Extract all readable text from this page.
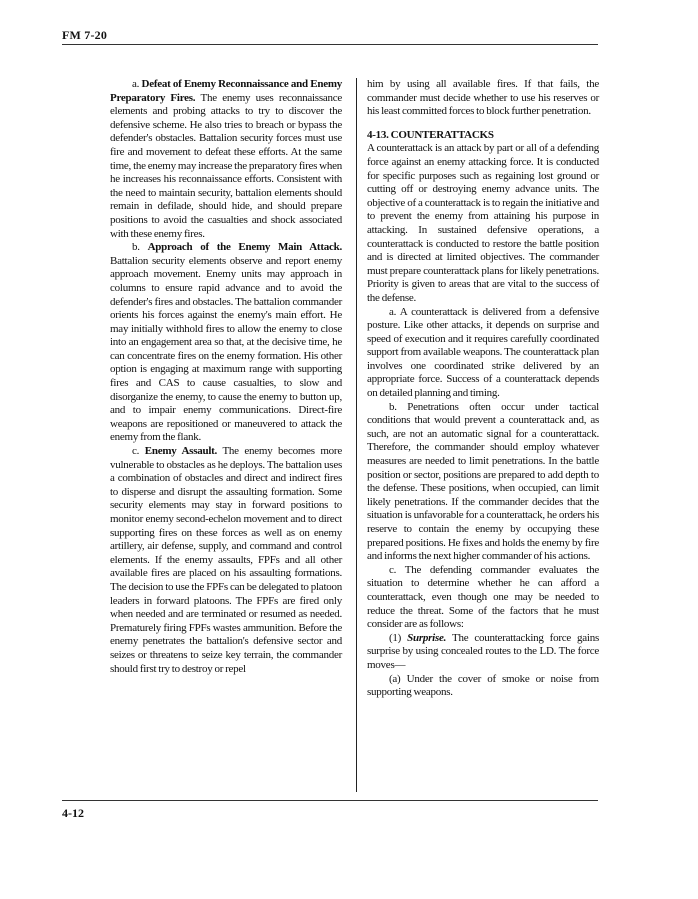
FM 7-20

a. Defeat of Enemy Reconnaissance and Enemy Preparatory Fires. The enemy uses reconnaissance elements and probing attacks to try to discover the defensive scheme. He also tries to breach or bypass the defender's obstacles. Battalion security forces must use fire and movement to defeat these efforts. At the same time, the enemy may increase the preparatory fires when he increases his reconnaissance efforts. Consistent with the need to maintain security, battalion elements should remain in defilade, should hide, and should prepare positions to avoid the casualties and shock associated with these enemy fires.

b. Approach of the Enemy Main Attack. Battalion security elements observe and report enemy approach movement. Enemy units may approach in columns to ensure rapid advance and to avoid the defender's fires and obstacles. The battalion commander orients his forces against the enemy's main effort. He may initially withhold fires to allow the enemy to close into an engagement area so that, at the decisive time, he can concentrate fires on the enemy formation. His other option is engaging at maximum range with supporting fires and CAS to cause casualties, to slow and disorganize the enemy, to cause the enemy to button up, and to impair enemy communications. Direct-fire weapons are repositioned or maneuvered to attack the enemy from the flank.

c. Enemy Assault. The enemy becomes more vulnerable to obstacles as he deploys. The battalion uses a combination of obstacles and direct and indirect fires to disperse and disrupt the assaulting formation. Some security elements may stay in forward positions to monitor enemy second-echelon movement and to direct supporting fires on these forces as well as on enemy artillery, air defense, supply, and command and control elements. If the enemy assaults, FPFs and all other available fires are placed on his assaulting formations. The decision to use the FPFs can be delegated to platoon leaders in forward platoons. The FPFs are fired only when needed and are terminated or resumed as needed. Prematurely firing FPFs wastes ammunition. Before the enemy penetrates the battalion's defensive sector and seizes or threatens to seize key terrain, the commander should first try to destroy or repel

him by using all available fires. If that fails, the commander must decide whether to use his reserves or his least committed forces to block further penetration.

4-13. COUNTERATTACKS

A counterattack is an attack by part or all of a defending force against an enemy attacking force. It is conducted for specific purposes such as regaining lost ground or cutting off or destroying enemy advance units. The objective of a counterattack is to regain the initiative and to prevent the enemy from attaining his purpose in attacking. In sustained defensive operations, a counterattack is conducted to restore the battle position and is directed at limited objectives. The commander must prepare counterattack plans for likely penetrations. Priority is given to areas that are vital to the success of the defense.

a. A counterattack is delivered from a defensive posture. Like other attacks, it depends on surprise and speed of execution and it requires carefully coordinated support from available weapons. The counterattack plan involves one coordinated strike delivered by an appropriate force. Success of a counterattack depends on detailed planning and timing.

b. Penetrations often occur under tactical conditions that would prevent a counterattack and, as such, are not an automatic signal for a counterattack. Therefore, the commander should employ whatever measures are needed to limit penetrations. In the battle position or sector, positions are prepared to add depth to the defense. These positions, when occupied, can limit likely penetrations. If the commander decides that the situation is unfavorable for a counterattack, he orders his reserve to contain the enemy by occupying these prepared positions. He fixes and holds the enemy by fire and informs the next higher commander of his actions.

c. The defending commander evaluates the situation to determine whether he can afford a counterattack, even though one may be needed to reduce the threat. Some of the factors that he must consider are as follows:

(1) Surprise. The counterattacking force gains surprise by using concealed routes to the LD. The force moves—

(a) Under the cover of smoke or noise from supporting weapons.

4-12
